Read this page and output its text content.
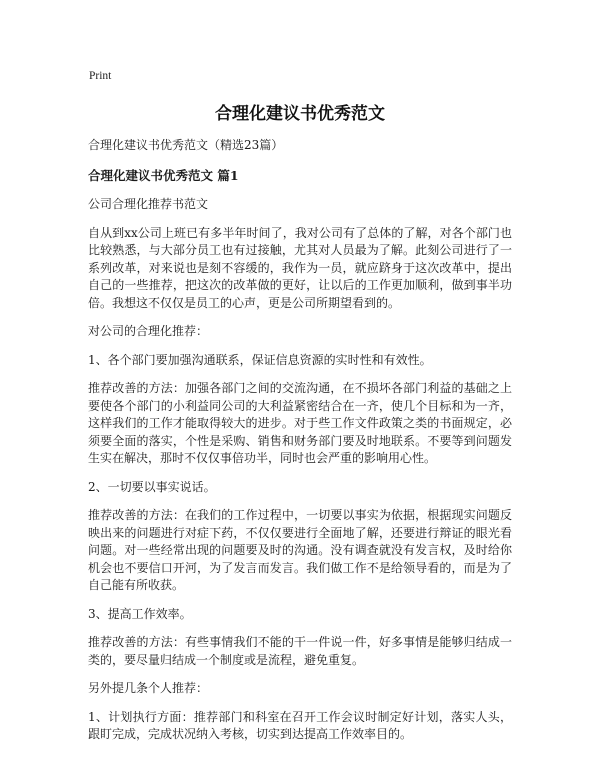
Print
合理化建议书优秀范文
合理化建议书优秀范文（精选23篇）
合理化建议书优秀范文 篇1

公司合理化推荐书范文

自从到xx公司上班已有多半年时间了，我对公司有了总体的了解，对各个部门也比较熟悉，与大部分员工也有过接触，尤其对人员最为了解。此刻公司进行了一系列改革，对来说也是刻不容缓的，我作为一员，就应跻身于这次改革中，提出自己的一些推荐，把这次的改革做的更好，让以后的工作更加顺利，做到事半功倍。我想这不仅仅是员工的心声，更是公司所期望看到的。

对公司的合理化推荐：

1、各个部门要加强沟通联系，保证信息资源的实时性和有效性。

推荐改善的方法：加强各部门之间的交流沟通，在不损坏各部门利益的基础之上要使各个部门的小利益同公司的大利益紧密结合在一齐，使几个目标和为一齐，这样我们的工作才能取得较大的进步。对于些工作文件政策之类的书面规定，必须要全面的落实，个性是采购、销售和财务部门要及时地联系。不要等到问题发生实在解决，那时不仅仅事倍功半，同时也会严重的影响用心性。

2、一切要以事实说话。

推荐改善的方法：在我们的工作过程中，一切要以事实为依据，根据现实问题反映出来的问题进行对症下药，不仅仅要进行全面地了解，还要进行辩证的眼光看问题。对一些经常出现的问题要及时的沟通。没有调查就没有发言权，及时给你机会也不要信口开河，为了发言而发言。我们做工作不是给领导看的，而是为了自己能有所收获。

3、提高工作效率。

推荐改善的方法：有些事情我们不能的干一件说一件，好多事情是能够归结成一类的，要尽量归结成一个制度或是流程，避免重复。

另外提几条个人推荐：

1、计划执行方面：推荐部门和科室在召开工作会议时制定好计划，落实人头，跟盯完成，完成状况纳入考核，切实到达提高工作效率目的。
